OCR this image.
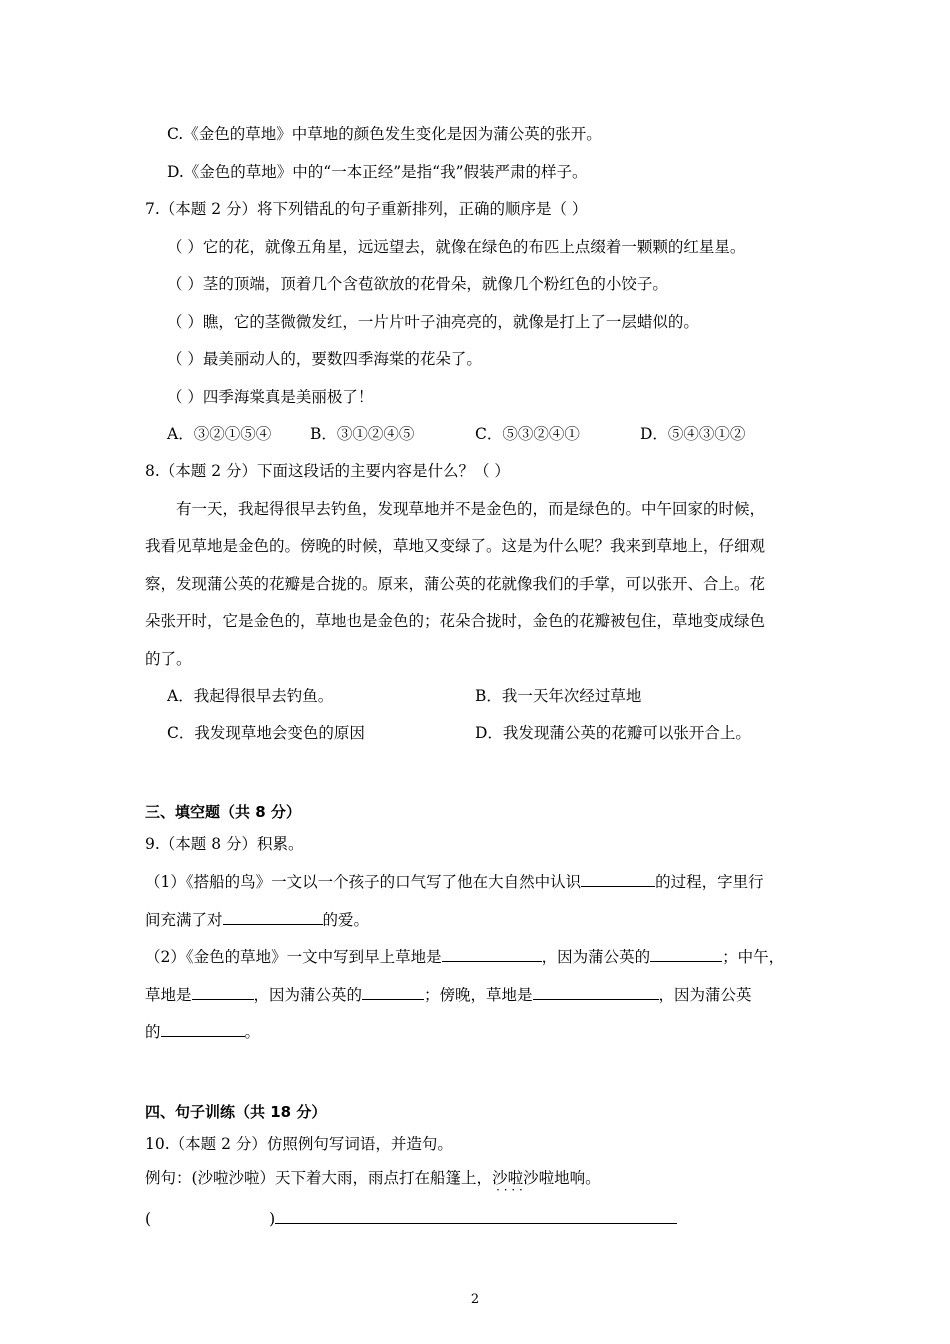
C.《金色的草地》中草地的颜色发生变化是因为蒲公英的张开。
D.《金色的草地》中的“一本正经”是指“我”假装严肃的样子。
7.（本题 2 分）将下列错乱的句子重新排列，正确的顺序是（ ）
（ ）它的花，就像五角星，远远望去，就像在绿色的布匹上点缀着一颗颗的红星星。
（ ）茎的顶端，顶着几个含苞欲放的花骨朵，就像几个粉红色的小饺子。
（ ）瞧，它的茎微微发红，一片片叶子油亮亮的，就像是打上了一层蜡似的。
（ ）最美丽动人的，要数四季海棠的花朵了。
（ ）四季海棠真是美丽极了！
A．③②①⑤④	B．③①②④⑤	C．⑤③②④①	D．⑤④③①②
8.（本题 2 分）下面这段话的主要内容是什么？（ ）
有一天，我起得很早去钓鱼，发现草地并不是金色的，而是绿色的。中午回家的时候，
我看见草地是金色的。傍晚的时候，草地又变绿了。这是为什么呢？我来到草地上，仔细观
察，发现蒲公英的花瓣是合拢的。原来，蒲公英的花就像我们的手掌，可以张开、合上。花
朵张开时，它是金色的，草地也是金色的；花朵合拢时，金色的花瓣被包住，草地变成绿色
的了。
A．我起得很早去钓鱼。	B．我一天年次经过草地
C．我发现草地会变色的原因	D．我发现蒲公英的花瓣可以张开合上。
三、填空题（共 8 分）
9.（本题 8 分）积累。
（1）《搭船的鸟》一文以一个孩子的口气写了他在大自然中认识	的过程，字里行
间充满了对	的爱。
（2）《金色的草地》一文中写到早上草地是	，因为蒲公英的	；中午，
草地是	，因为蒲公英的	；傍晚，草地是	，因为蒲公英
的	。
四、句子训练（共 18 分）
10.（本题 2 分）仿照例句写词语，并造句。
例句：(沙啦沙啦）天下着大雨，雨点打在船篷上，沙啦沙啦 · · 地响。
(	)
2
